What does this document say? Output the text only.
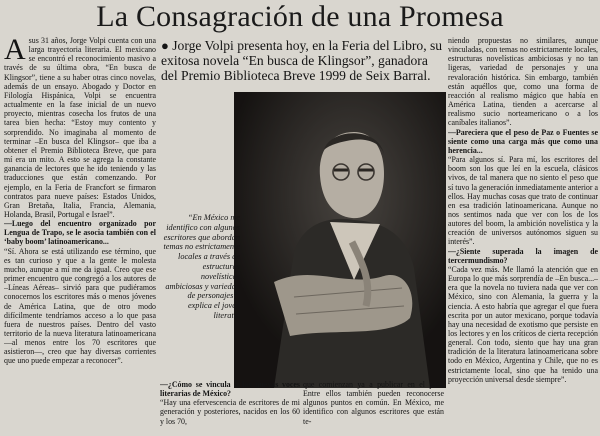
La Consagración de una Promesa

Asus 31 años, Jorge Volpi cuenta con una larga trayectoria literaria. El mexicano se encontró el reconocimiento masivo a través de su última obra, “En busca de Klingsor”, tiene a su haber otras cinco novelas, además de un ensayo. Abogado y Doctor en Filología Hispánica, Volpi se encuentra actualmente en la fase inicial de un nuevo proyecto, mientras cosecha los frutos de una tarea bien hecha: “Estoy muy contento y sorprendido. No imaginaba al momento de terminar –En busca del Klingsor– que iba a obtener el Premio Biblioteca Breve, que para mí era un mito. A esto se agrega la constante ganancia de lectores que he ido teniendo y las traducciones que están comenzando. Por ejemplo, en la Feria de Francfort se firmaron contratos para nueve países: Estados Unidos, Gran Bretaña, Italia, Francia, Alemania, Holanda, Brasil, Portugal e Israel”.

—Luego del encuentro organizado por Lengua de Trapo, se le asocia también con el ‘baby boom’ latinoamericano...

“Sí. Ahora se está utilizando ese término, que es tan curioso y que a la gente le molesta mucho, aunque a mí me da igual. Creo que ese primer encuentro que congregó a los autores de –Líneas Aéreas– sirvió para que pudiéramos conocernos los escritores más o menos jóvenes de América Latina, que de otro modo difícilmente tendríamos acceso a lo que pasa fuera de nuestros países. Dentro del vasto territorio de la nueva literatura latinoamericana —al menos entre los 70 escritores que asistieron—, creo que hay diversas corrientes que uno puede empezar a reconocer”.

● Jorge Volpi presenta hoy, en la Feria del Libro, su exitosa novela “En busca de Klingsor”, ganadora del Premio Biblioteca Breve 1999 de Seix Barral.
“En México me identifico con algunos escritores que abordan temas no estrictamente locales a través de estructuras novelísticas ambiciosas y variedad de personajes”, explica el joven literato.

—¿Cómo se vincula a las nuevas voces literarias de México?

“Hay una efervescencia de escritores de mi generación y posteriores, nacidos en los 60 y los 70,

que comienzan ya a publicar en el país. Entre ellos también pueden reconocerse algunos puntos en común. En México, me identifico con algunos escritores que están te-

niendo propuestas no similares, aunque vinculadas, con temas no estrictamente locales, estructuras novelísticas ambiciosas y no tan ligeras, variedad de personajes y una revaloración histórica. Sin embargo, también están aquéllos que, como una forma de reacción al realismo mágico que había en América Latina, tienden a acercarse al realismo sucio norteamericano o a los caníbales italianos”.

—Pareciera que el peso de Paz o Fuentes se siente como una carga más que como una herencia...

“Para algunos sí. Para mí, los escritores del boom son los que leí en la escuela, clásicos vivos, de tal manera que no siento el peso que sí tuvo la generación inmediatamente anterior a ellos. Hay muchas cosas que trato de continuar en esa tradición latinoamericana. Aunque no nos sentimos nada que ver con los de los autores del boom, la ambición novelística y la creación de universos autónomos siguen su interés”.

—¿Siente superada la imagen de tercermundismo?

“Cada vez más. Me llamó la atención que en Europa lo que más sorprendía de –En busca...– era que la novela no tuviera nada que ver con México, sino con Alemania, la guerra y la ciencia. A esto habría que agregar el que fuera escrita por un autor mexicano, porque todavía hay una necesidad de exotismo que persiste en los lectores y en los críticos de cierta recepción general. Con todo, siento que hay una gran tradición de la literatura latinoamericana sobre todo en México, Argentina y Chile, que no es estrictamente local, sino que ha tenido una proyección universal desde siempre”.
